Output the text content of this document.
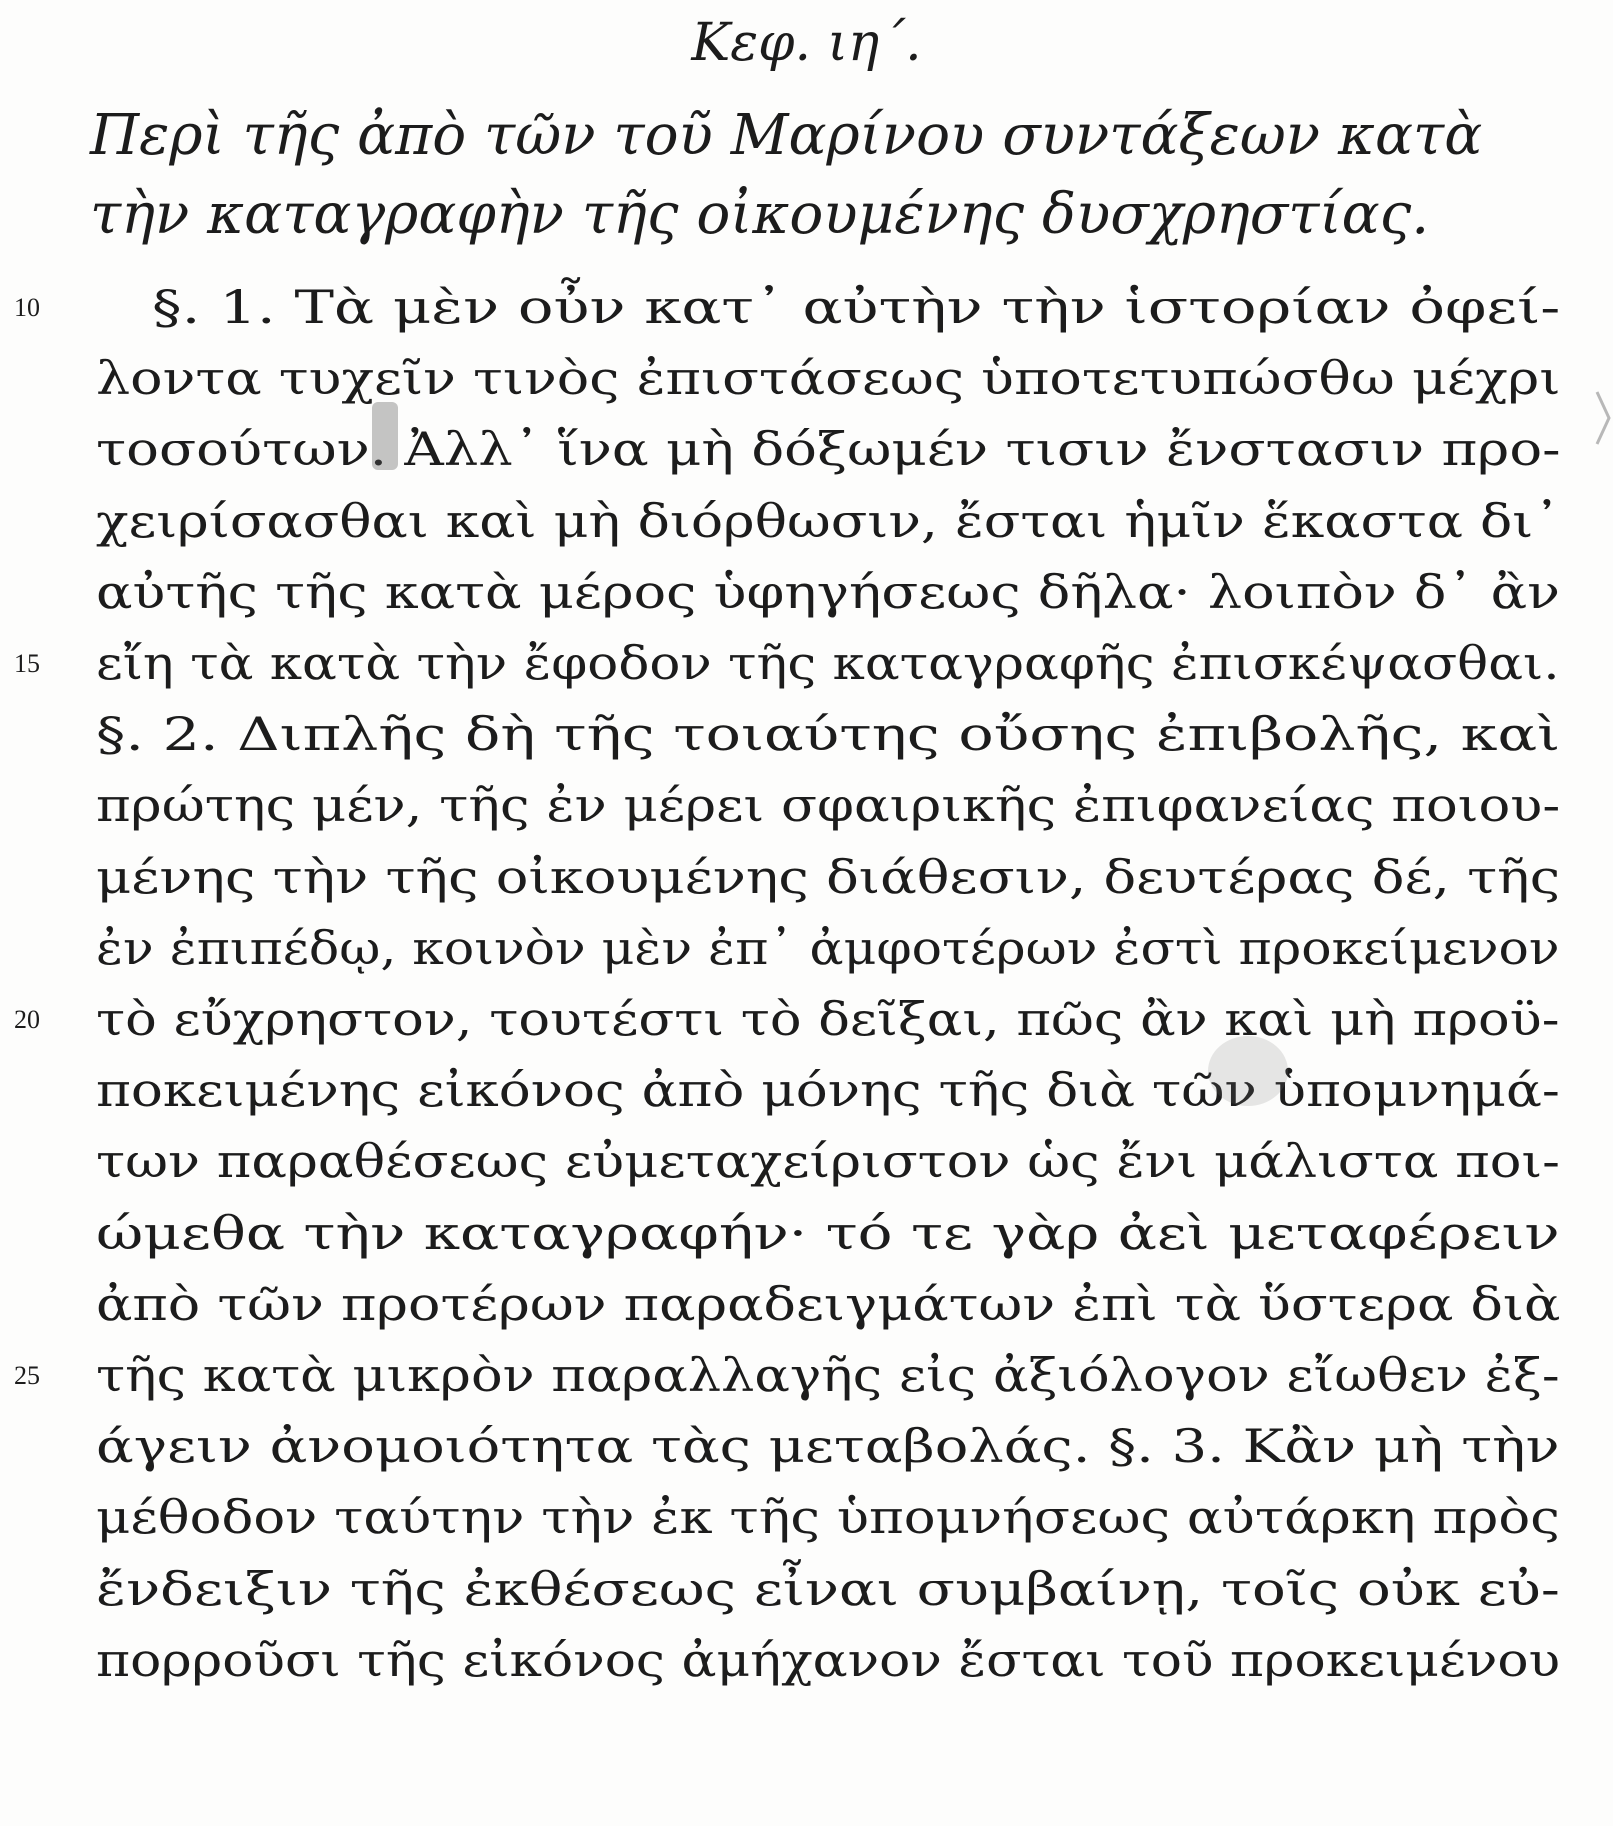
Κεφ. ιη΄.
Περὶ τῆς ἀπὸ τῶν τοῦ Μαρίνου συντάξεων κατὰ
τὴν καταγραφὴν τῆς οἰκουμένης δυσχρηστίας.
10 §. 1. Τὰ μὲν οὖν κατ᾽ αὐτὴν τὴν ἱστορίαν ὀφεί-
λοντα τυχεῖν τινὸς ἐπιστάσεως ὑποτετυπώσθω μέχρι
τοσούτων. Ἀλλ᾽ ἵνα μὴ δόξωμέν τισιν ἔνστασιν προ-
χειρίσασθαι καὶ μὴ διόρθωσιν, ἔσται ἡμῖν ἕκαστα δι᾽
αὐτῆς τῆς κατὰ μέρος ὑφηγήσεως δῆλα· λοιπὸν δ᾽ ἂν
15 εἴη τὰ κατὰ τὴν ἔφοδον τῆς καταγραφῆς ἐπισκέψασθαι.
§. 2. Διπλῆς δὴ τῆς τοιαύτης οὔσης ἐπιβολῆς, καὶ
πρώτης μέν, τῆς ἐν μέρει σφαιρικῆς ἐπιφανείας ποιου-
μένης τὴν τῆς οἰκουμένης διάθεσιν, δευτέρας δέ, τῆς
ἐν ἐπιπέδῳ, κοινὸν μὲν ἐπ᾽ ἀμφοτέρων ἐστὶ προκείμενον
20 τὸ εὔχρηστον, τουτέστι τὸ δεῖξαι, πῶς ἂν καὶ μὴ προϋ-
ποκειμένης εἰκόνος ἀπὸ μόνης τῆς διὰ τῶν ὑπομνημά-
των παραθέσεως εὐμεταχείριστον ὡς ἔνι μάλιστα ποι-
ώμεθα τὴν καταγραφήν· τό τε γὰρ ἀεὶ μεταφέρειν
ἀπὸ τῶν προτέρων παραδειγμάτων ἐπὶ τὰ ὕστερα διὰ
25 τῆς κατὰ μικρὸν παραλλαγῆς εἰς ἀξιόλογον εἴωθεν ἐξ-
άγειν ἀνομοιότητα τὰς μεταβολάς. §. 3. Κἂν μὴ τὴν
μέθοδον ταύτην τὴν ἐκ τῆς ὑπομνήσεως αὐτάρκη πρὸς
ἔνδειξιν τῆς ἐκθέσεως εἶναι συμβαίνῃ, τοῖς οὐκ εὐ-
πορροῦσι τῆς εἰκόνος ἀμήχανον ἔσται τοῦ προκειμένου
